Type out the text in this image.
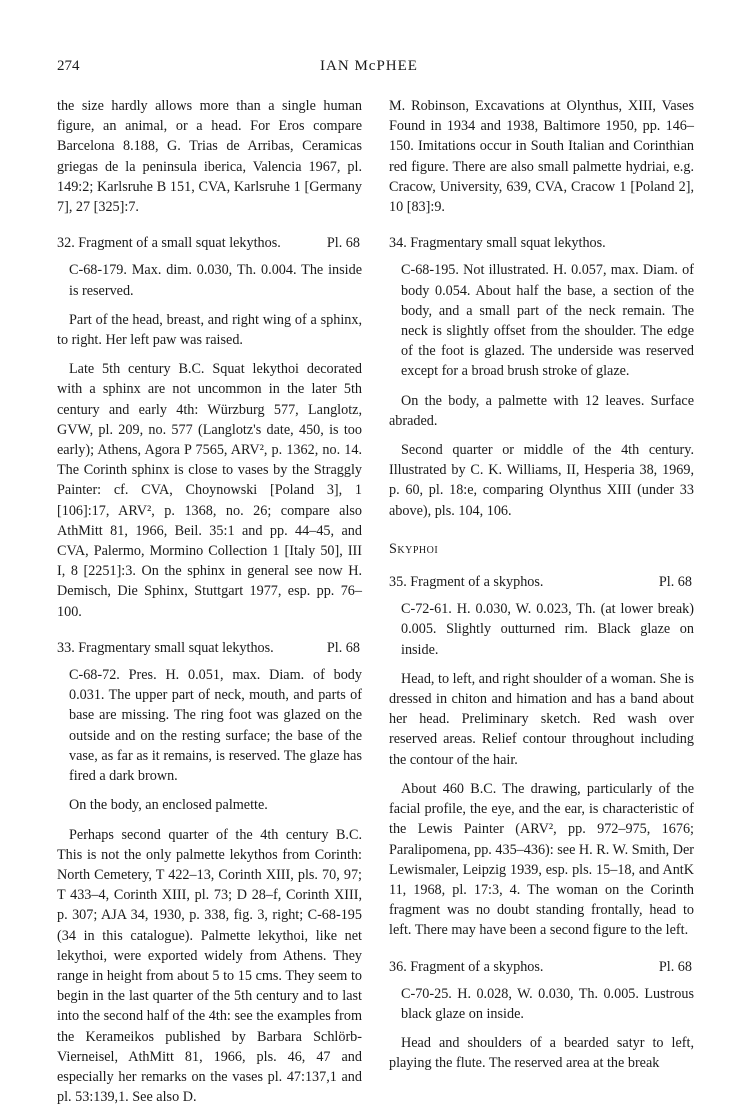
274	IAN McPHEE

the size hardly allows more than a single human figure, an animal, or a head. For Eros compare Barcelona 8.188, G. Trias de Arribas, Ceramicas griegas de la peninsula iberica, Valencia 1967, pl. 149:2; Karlsruhe B 151, CVA, Karlsruhe 1 [Germany 7], 27 [325]:7.

32. Fragment of a small squat lekythos.	Pl. 68
C-68-179. Max. dim. 0.030, Th. 0.004. The inside is reserved.

Part of the head, breast, and right wing of a sphinx, to right. Her left paw was raised.

Late 5th century B.C. Squat lekythoi decorated with a sphinx are not uncommon in the later 5th century and early 4th: Würzburg 577, Langlotz, GVW, pl. 209, no. 577 (Langlotz's date, 450, is too early); Athens, Agora P 7565, ARV², p. 1362, no. 14. The Corinth sphinx is close to vases by the Straggly Painter: cf. CVA, Choynowski [Poland 3], 1 [106]:17, ARV², p. 1368, no. 26; compare also AthMitt 81, 1966, Beil. 35:1 and pp. 44–45, and CVA, Palermo, Mormino Collection 1 [Italy 50], III I, 8 [2251]:3. On the sphinx in general see now H. Demisch, Die Sphinx, Stuttgart 1977, esp. pp. 76–100.

33. Fragmentary small squat lekythos.	Pl. 68
C-68-72. Pres. H. 0.051, max. Diam. of body 0.031. The upper part of neck, mouth, and parts of base are missing. The ring foot was glazed on the outside and on the resting surface; the base of the vase, as far as it remains, is reserved. The glaze has fired a dark brown.

On the body, an enclosed palmette.

Perhaps second quarter of the 4th century B.C. This is not the only palmette lekythos from Corinth: North Cemetery, T 422–13, Corinth XIII, pls. 70, 97; T 433–4, Corinth XIII, pl. 73; D 28–f, Corinth XIII, p. 307; AJA 34, 1930, p. 338, fig. 3, right; C-68-195 (34 in this catalogue). Palmette lekythoi, like net lekythoi, were exported widely from Athens. They range in height from about 5 to 15 cms. They seem to begin in the last quarter of the 5th century and to last into the second half of the 4th: see the examples from the Kerameikos published by Barbara Schlörb-Vierneisel, AthMitt 81, 1966, pls. 46, 47 and especially her remarks on the vases pl. 47:137,1 and pl. 53:139,1. See also D.

M. Robinson, Excavations at Olynthus, XIII, Vases Found in 1934 and 1938, Baltimore 1950, pp. 146–150. Imitations occur in South Italian and Corinthian red figure. There are also small palmette hydriai, e.g. Cracow, University, 639, CVA, Cracow 1 [Poland 2], 10 [83]:9.

34. Fragmentary small squat lekythos.
C-68-195. Not illustrated. H. 0.057, max. Diam. of body 0.054. About half the base, a section of the body, and a small part of the neck remain. The neck is slightly offset from the shoulder. The edge of the foot is glazed. The underside was reserved except for a broad brush stroke of glaze.

On the body, a palmette with 12 leaves. Surface abraded.

Second quarter or middle of the 4th century. Illustrated by C. K. Williams, II, Hesperia 38, 1969, p. 60, pl. 18:e, comparing Olynthus XIII (under 33 above), pls. 104, 106.

Skyphoi
35. Fragment of a skyphos.	Pl. 68
C-72-61. H. 0.030, W. 0.023, Th. (at lower break) 0.005. Slightly outturned rim. Black glaze on inside.

Head, to left, and right shoulder of a woman. She is dressed in chiton and himation and has a band about her head. Preliminary sketch. Red wash over reserved areas. Relief contour throughout including the contour of the hair.

About 460 B.C. The drawing, particularly of the facial profile, the eye, and the ear, is characteristic of the Lewis Painter (ARV², pp. 972–975, 1676; Paralipomena, pp. 435–436): see H. R. W. Smith, Der Lewismaler, Leipzig 1939, esp. pls. 15–18, and AntK 11, 1968, pl. 17:3, 4. The woman on the Corinth fragment was no doubt standing frontally, head to left. There may have been a second figure to the left.

36. Fragment of a skyphos.	Pl. 68
C-70-25. H. 0.028, W. 0.030, Th. 0.005. Lustrous black glaze on inside.

Head and shoulders of a bearded satyr to left, playing the flute. The reserved area at the break
